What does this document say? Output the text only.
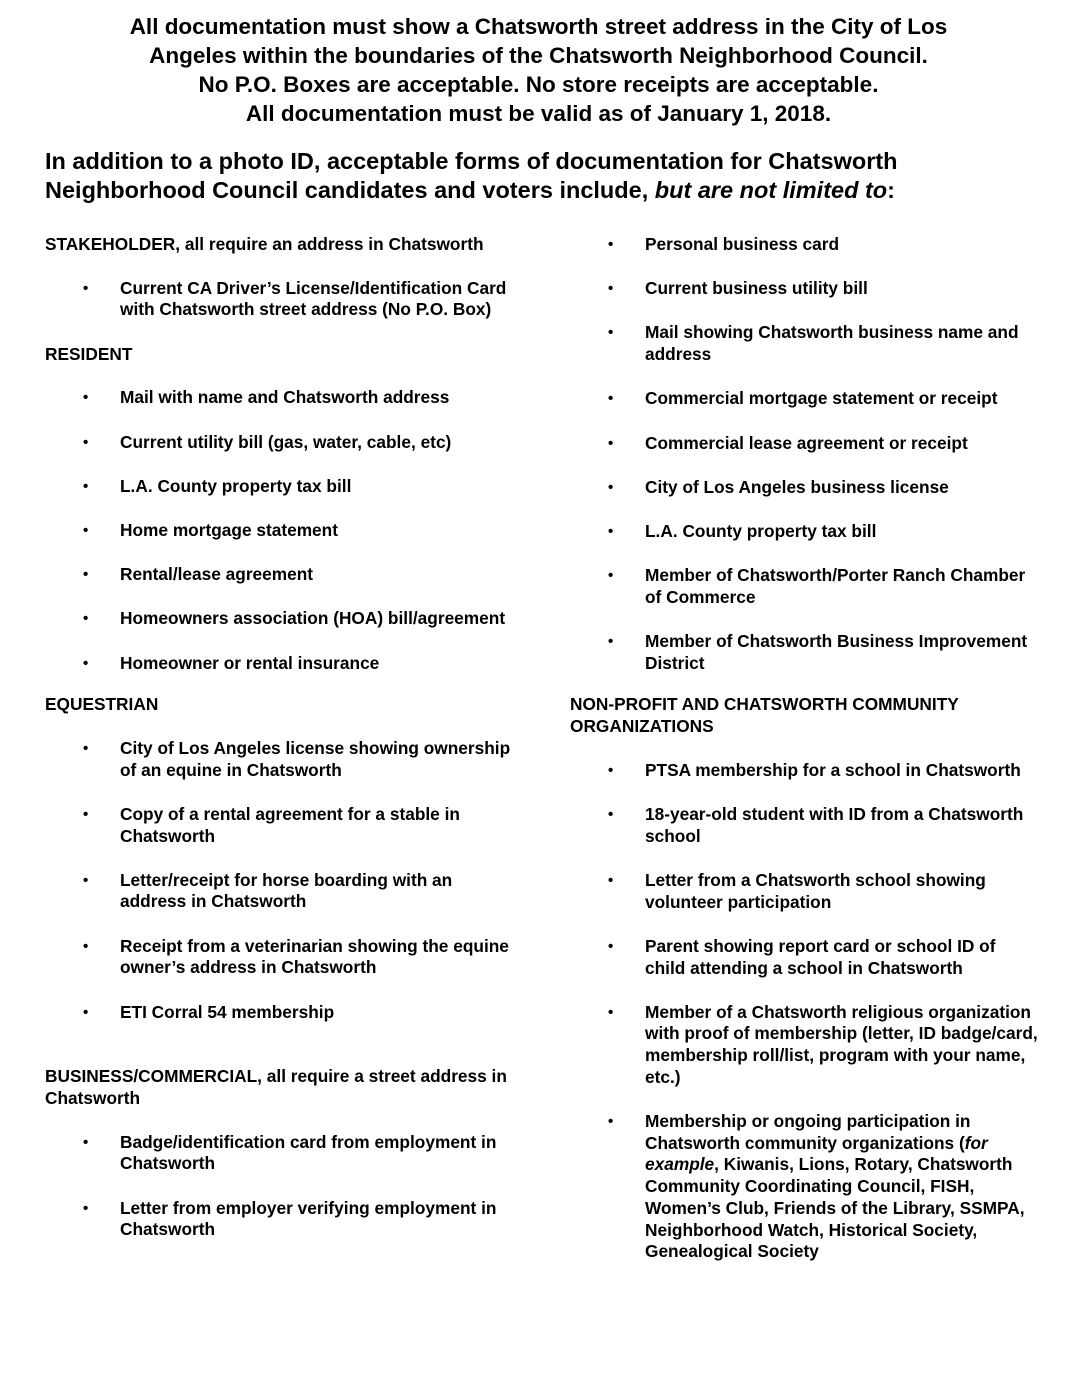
All documentation must show a Chatsworth street address in the City of Los
Angeles within the boundaries of the Chatsworth Neighborhood Council.
No P.O. Boxes are acceptable. No store receipts are acceptable.
All documentation must be valid as of January 1, 2018.
In addition to a photo ID, acceptable forms of documentation for Chatsworth
Neighborhood Council candidates and voters include, but are not limited to:
STAKEHOLDER, all require an address in Chatsworth
• Current CA Driver’s License/Identification Card with Chatsworth street address (No P.O. Box)
RESIDENT
• Mail with name and Chatsworth address
• Current utility bill (gas, water, cable, etc)
• L.A. County property tax bill
• Home mortgage statement
• Rental/lease agreement
• Homeowners association (HOA) bill/agreement
• Homeowner or rental insurance
EQUESTRIAN
• City of Los Angeles license showing ownership of an equine in Chatsworth
• Copy of a rental agreement for a stable in Chatsworth
• Letter/receipt for horse boarding with an address in Chatsworth
• Receipt from a veterinarian showing the equine owner’s address in Chatsworth
• ETI Corral 54 membership
BUSINESS/COMMERCIAL, all require a street address in Chatsworth
• Badge/identification card from employment in Chatsworth
• Letter from employer verifying employment in Chatsworth
• Personal business card
• Current business utility bill
• Mail showing Chatsworth business name and address
• Commercial mortgage statement or receipt
• Commercial lease agreement or receipt
• City of Los Angeles business license
• L.A. County property tax bill
• Member of Chatsworth/Porter Ranch Chamber of Commerce
• Member of Chatsworth Business Improvement District
NON-PROFIT AND CHATSWORTH COMMUNITY ORGANIZATIONS
• PTSA membership for a school in Chatsworth
• 18-year-old student with ID from a Chatsworth school
• Letter from a Chatsworth school showing volunteer participation
• Parent showing report card or school ID of child attending a school in Chatsworth
• Member of a Chatsworth religious organization with proof of membership (letter, ID badge/card, membership roll/list, program with your name, etc.)
• Membership or ongoing participation in Chatsworth community organizations (for example, Kiwanis, Lions, Rotary, Chatsworth Community Coordinating Council, FISH, Women’s Club, Friends of the Library, SSMPA, Neighborhood Watch, Historical Society, Genealogical Society
